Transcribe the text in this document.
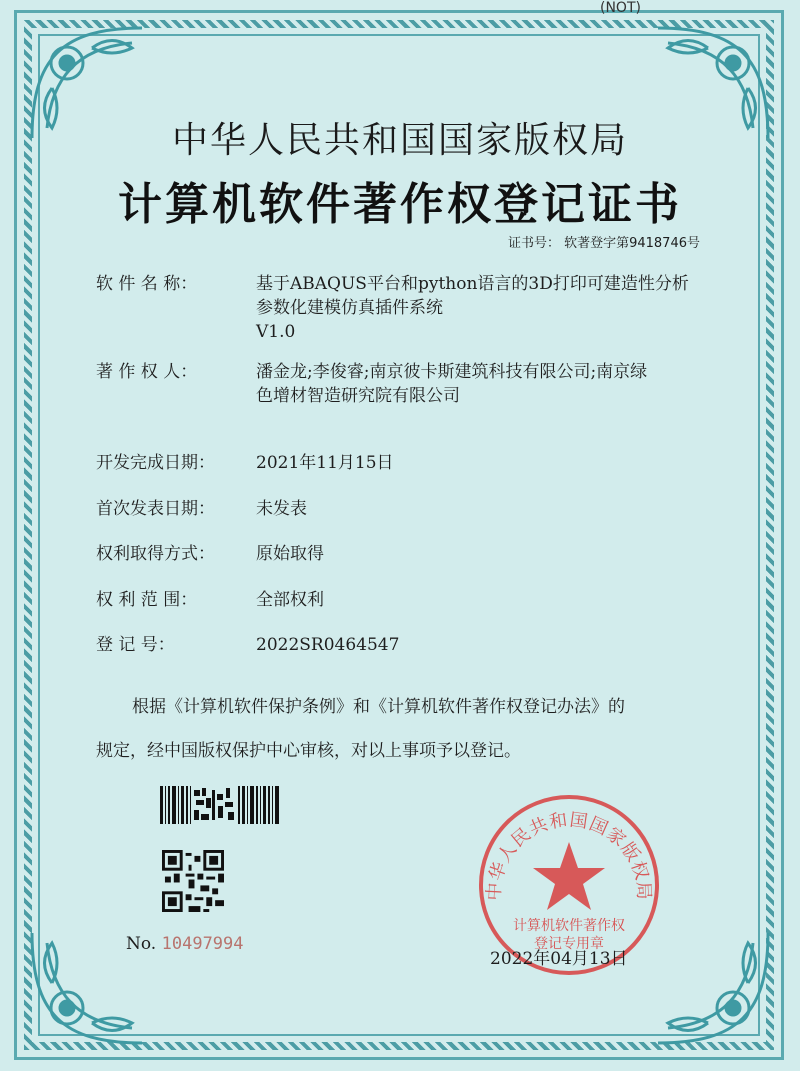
(NOT)
中华人民共和国国家版权局
计算机软件著作权登记证书
证书号： 软著登字第9418746号
软 件 名 称：	基于ABAQUS平台和python语言的3D打印可建造性分析
参数化建模仿真插件系统
V1.0
著 作 权 人：	潘金龙;李俊睿;南京彼卡斯建筑科技有限公司;南京绿
色增材智造研究院有限公司
开发完成日期：	2021年11月15日
首次发表日期：	未发表
权利取得方式：	原始取得
权 利 范 围：	全部权利
登 记 号：	2022SR0464547
根据《计算机软件保护条例》和《计算机软件著作权登记办法》的
规定，经中国版权保护中心审核，对以上事项予以登记。
No. 10497994
中华人民共和国国家版权局
计算机软件著作权
登记专用章
2022年04月13日
